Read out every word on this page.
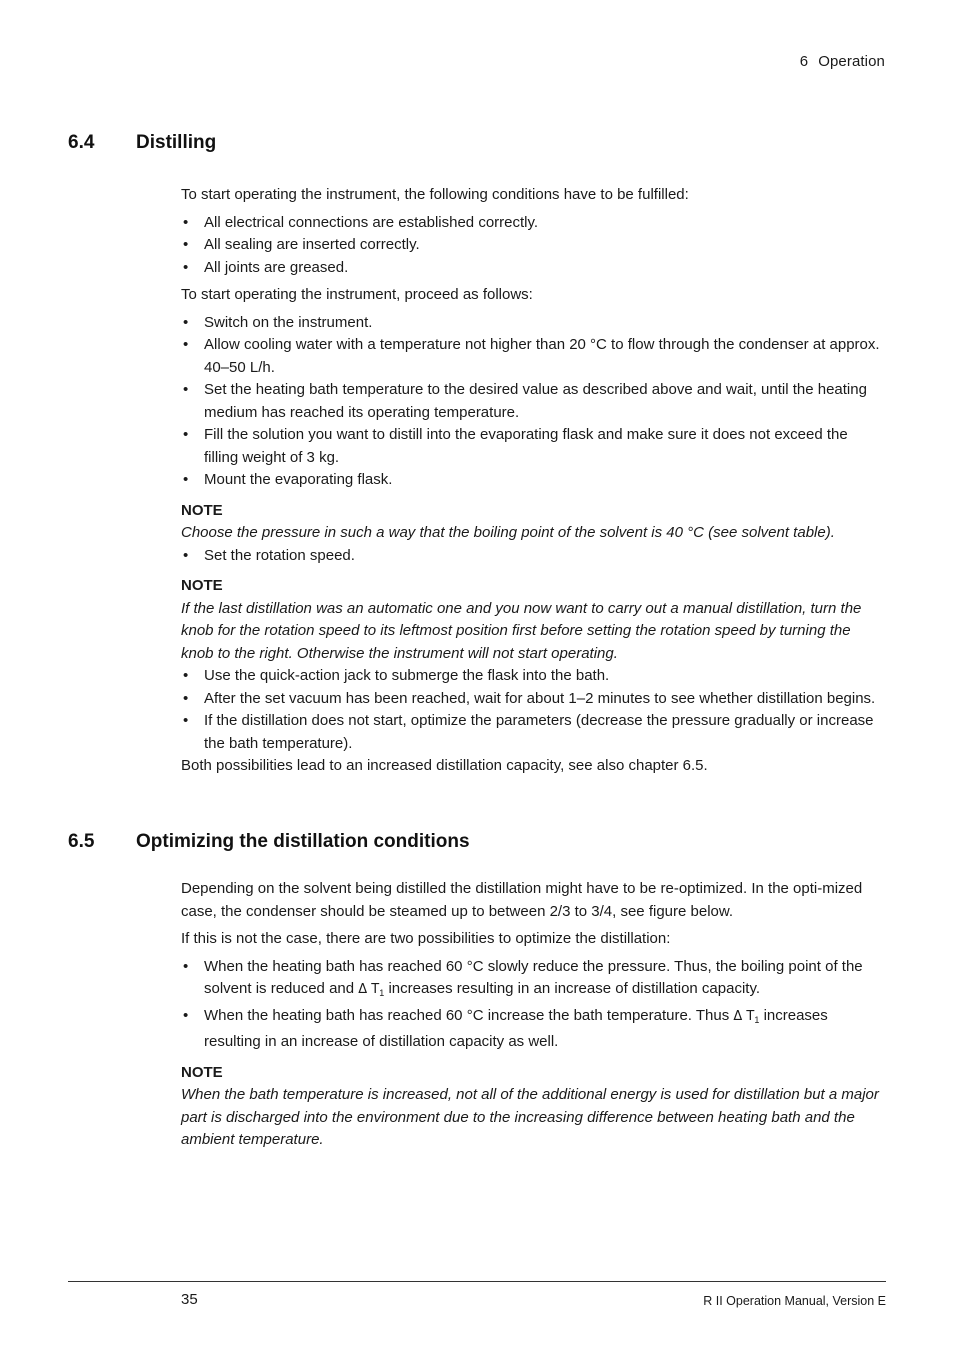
6 Operation
6.4 Distilling

To start operating the instrument, the following conditions have to be fulfilled:

• All electrical connections are established correctly.
• All sealing are inserted correctly.
• All joints are greased.

To start operating the instrument, proceed as follows:

• Switch on the instrument.
• Allow cooling water with a temperature not higher than 20 °C to flow through the condenser at approx. 40–50 L/h.
• Set the heating bath temperature to the desired value as described above and wait, until the heating medium has reached its operating temperature.
• Fill the solution you want to distill into the evaporating flask and make sure it does not exceed the filling weight of 3 kg.
• Mount the evaporating flask.
NOTE

Choose the pressure in such a way that the boiling point of the solvent is 40 °C (see solvent table).

• Set the rotation speed.
NOTE

If the last distillation was an automatic one and you now want to carry out a manual distillation, turn the knob for the rotation speed to its leftmost position first before setting the rotation speed by turning the knob to the right. Otherwise the instrument will not start operating.

• Use the quick-action jack to submerge the flask into the bath.
• After the set vacuum has been reached, wait for about 1–2 minutes to see whether distillation begins.
• If the distillation does not start, optimize the parameters (decrease the pressure gradually or increase the bath temperature).

Both possibilities lead to an increased distillation capacity, see also chapter 6.5.

6.5 Optimizing the distillation conditions

Depending on the solvent being distilled the distillation might have to be re-optimized. In the opti-mized case, the condenser should be steamed up to between 2/3 to 3/4, see figure below.

If this is not the case, there are two possibilities to optimize the distillation:

• When the heating bath has reached 60 °C slowly reduce the pressure. Thus, the boiling point of the solvent is reduced and Δ $T_1$ increases resulting in an increase of distillation capacity.
• When the heating bath has reached 60 °C increase the bath temperature. Thus Δ $T_1$ increases resulting in an increase of distillation capacity as well.
NOTE

When the bath temperature is increased, not all of the additional energy is used for distillation but a major part is discharged into the environment due to the increasing difference between heating bath and the ambient temperature.

35	R II Operation Manual, Version E
